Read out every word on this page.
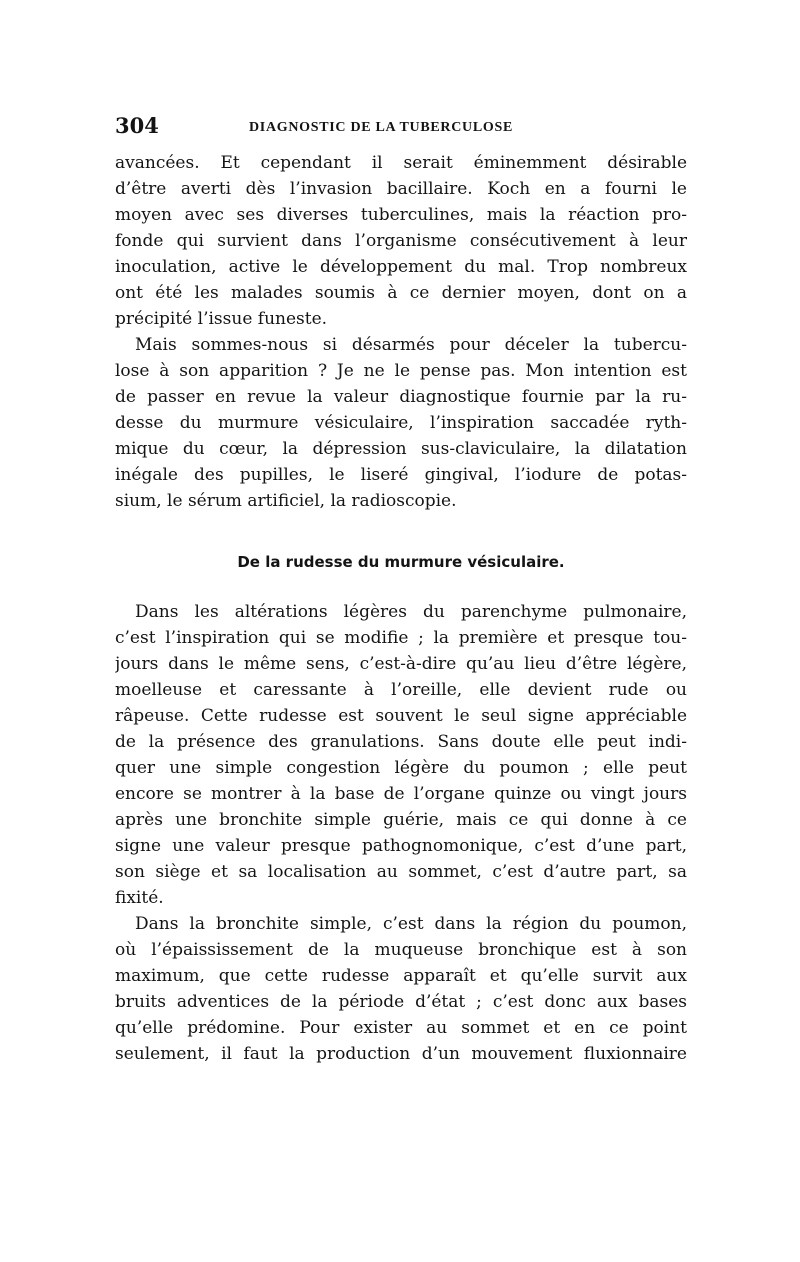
304	DIAGNOSTIC DE LA TUBERCULOSE
avancées. Et cependant il serait éminemment désirable
d’être averti dès l’invasion bacillaire. Koch en a fourni le
moyen avec ses diverses tuberculines, mais la réaction pro-
fonde qui survient dans l’organisme consécutivement à leur
inoculation, active le développement du mal. Trop nombreux
ont été les malades soumis à ce dernier moyen, dont on a
précipité l’issue funeste.
Mais sommes-nous si désarmés pour déceler la tubercu-
lose à son apparition ? Je ne le pense pas. Mon intention est
de passer en revue la valeur diagnostique fournie par la ru-
desse du murmure vésiculaire, l’inspiration saccadée ryth-
mique du cœur, la dépression sus-claviculaire, la dilatation
inégale des pupilles, le liseré gingival, l’iodure de potas-
sium, le sérum artificiel, la radioscopie.
De la rudesse du murmure vésiculaire.
Dans les altérations légères du parenchyme pulmonaire,
c’est l’inspiration qui se modifie ; la première et presque tou-
jours dans le même sens, c’est-à-dire qu’au lieu d’être légère,
moelleuse et caressante à l’oreille, elle devient rude ou
râpeuse. Cette rudesse est souvent le seul signe appréciable
de la présence des granulations. Sans doute elle peut indi-
quer une simple congestion légère du poumon ; elle peut
encore se montrer à la base de l’organe quinze ou vingt jours
après une bronchite simple guérie, mais ce qui donne à ce
signe une valeur presque pathognomonique, c’est d’une part,
son siège et sa localisation au sommet, c’est d’autre part, sa
fixité.
Dans la bronchite simple, c’est dans la région du poumon,
où l’épaississement de la muqueuse bronchique est à son
maximum, que cette rudesse apparaît et qu’elle survit aux
bruits adventices de la période d’état ; c’est donc aux bases
qu’elle prédomine. Pour exister au sommet et en ce point
seulement, il faut la production d’un mouvement fluxionnaire
